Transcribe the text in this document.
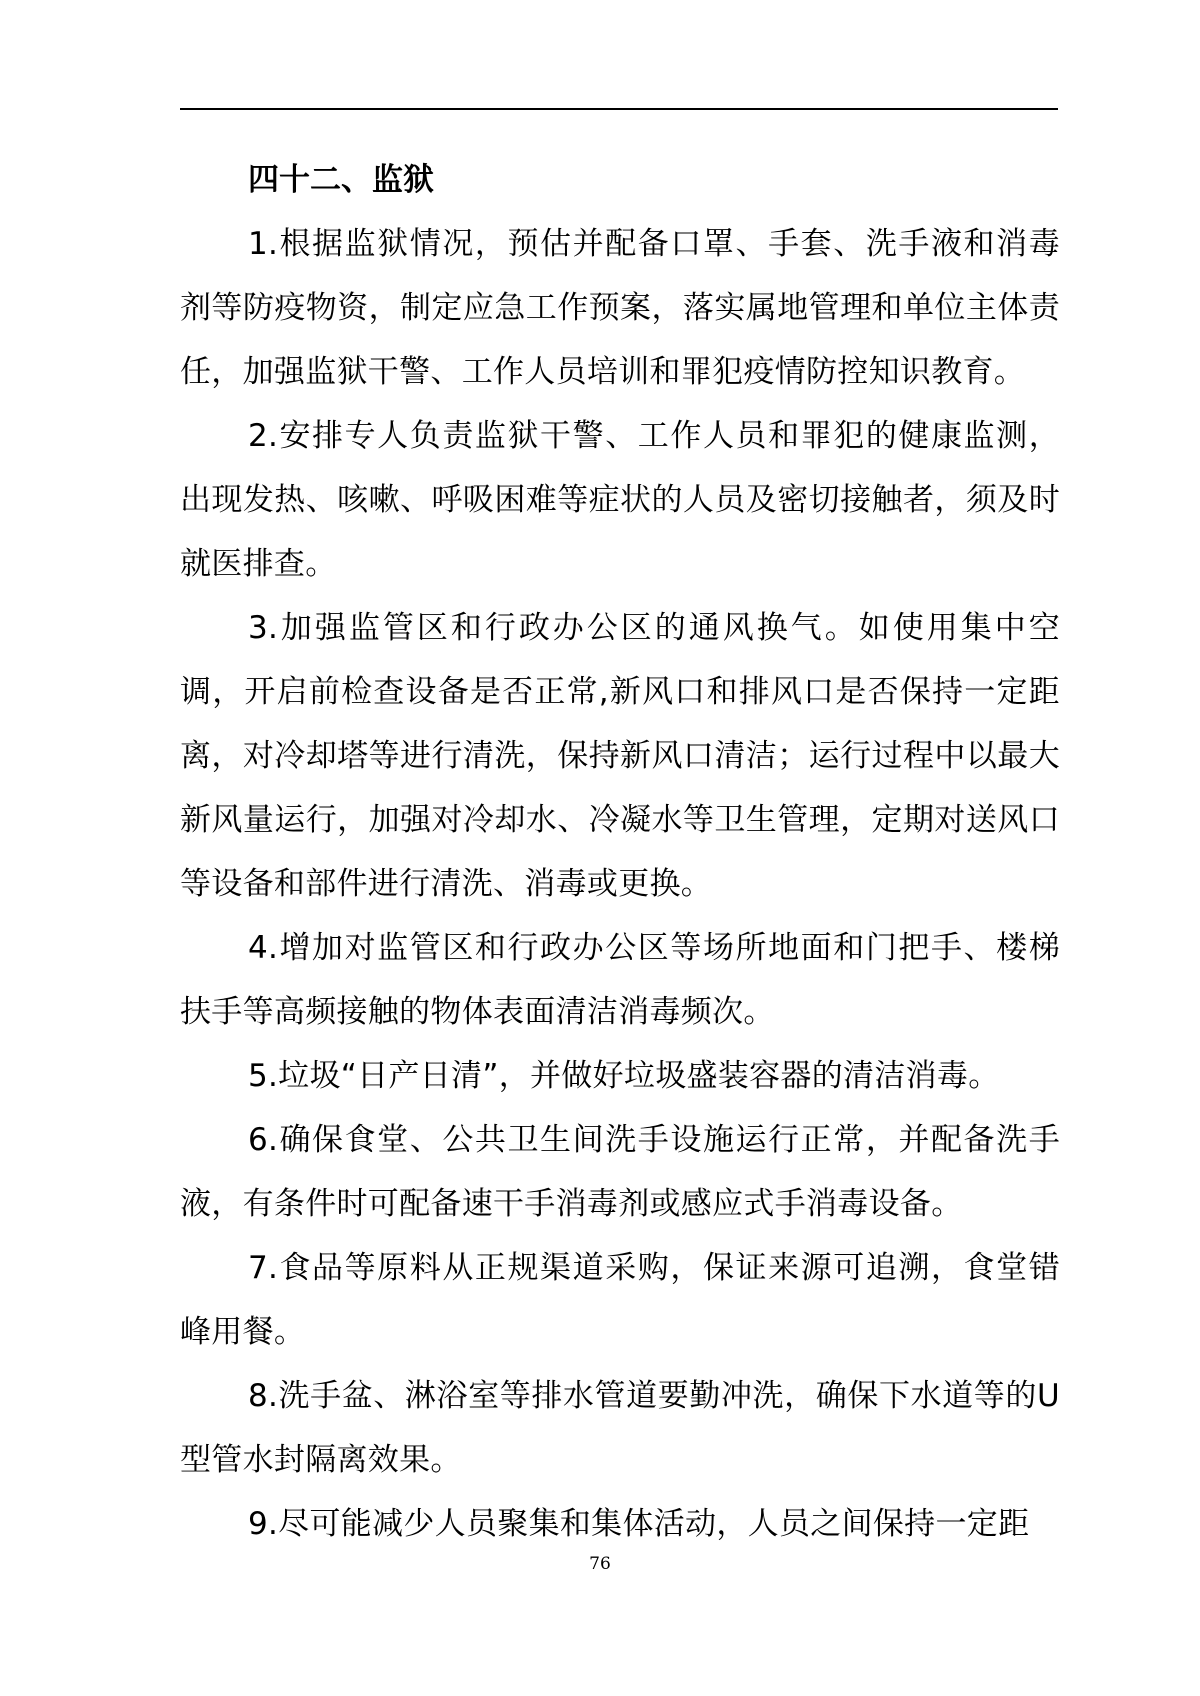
四十二、监狱

1.根据监狱情况，预估并配备口罩、手套、洗手液和消毒剂等防疫物资，制定应急工作预案，落实属地管理和单位主体责任，加强监狱干警、工作人员培训和罪犯疫情防控知识教育。

2.安排专人负责监狱干警、工作人员和罪犯的健康监测，出现发热、咳嗽、呼吸困难等症状的人员及密切接触者，须及时就医排查。

3.加强监管区和行政办公区的通风换气。如使用集中空调，开启前检查设备是否正常,新风口和排风口是否保持一定距离，对冷却塔等进行清洗，保持新风口清洁；运行过程中以最大新风量运行，加强对冷却水、冷凝水等卫生管理，定期对送风口等设备和部件进行清洗、消毒或更换。

4.增加对监管区和行政办公区等场所地面和门把手、楼梯扶手等高频接触的物体表面清洁消毒频次。

5.垃圾“日产日清”，并做好垃圾盛装容器的清洁消毒。

6.确保食堂、公共卫生间洗手设施运行正常，并配备洗手液，有条件时可配备速干手消毒剂或感应式手消毒设备。

7.食品等原料从正规渠道采购，保证来源可追溯，食堂错峰用餐。

8.洗手盆、淋浴室等排水管道要勤冲洗，确保下水道等的U 型管水封隔离效果。

9.尽可能减少人员聚集和集体活动，人员之间保持一定距

76
